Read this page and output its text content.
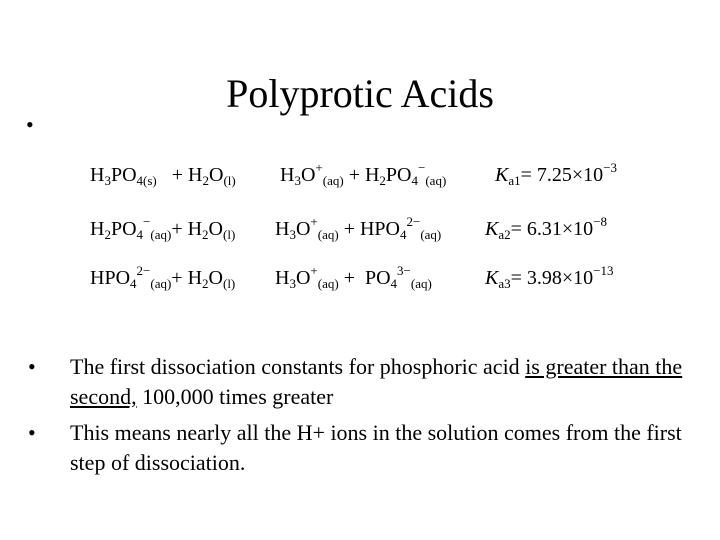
Polyprotic Acids
•
$H_3PO_{4(s)} + H_2O_{(l)}$ $H_3O^+_{(aq)} + H_2PO_4^-_{(aq)}$ $K_{a1}= 7.25\times 10^{-3}$
$H_2PO_4^-_{(aq)}+ H_2O_{(l)}$ $H_3O^+_{(aq)} + HPO_4^{2-}_{(aq)}$ $K_{a2}= 6.31\times 10^{-8}$
$HPO_4^{2-}_{(aq)}+ H_2O_{(l)}$ $H_3O^+_{(aq)} + PO_4^{3-}_{(aq)}$	$K_{a3}= 3.98\times 10^{-13}$
•	The first dissociation constants for phosphoric acid is greater than the second, 100,000 times greater
•	This means nearly all the H+ ions in the solution comes from the first step of dissociation.
